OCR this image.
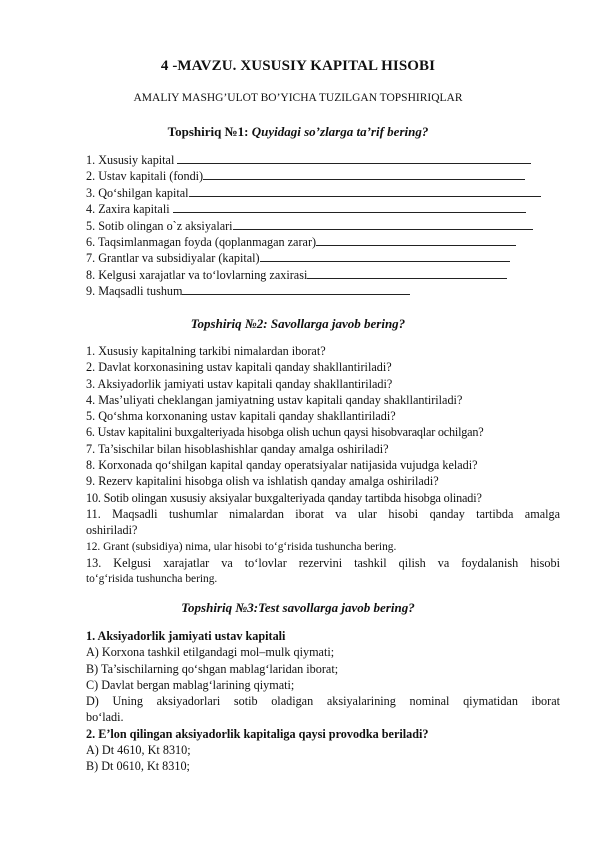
4 -MAVZU. XUSUSIY KAPITAL HISOBI
AMALIY MASHG’ULOT BO’YICHA TUZILGAN TOPSHIRIQLAR
Topshiriq №1: Quyidagi so’zlarga ta’rif bering?
1. Xususiy kapital
2. Ustav kapitali (fondi)
3. Qo‘shilgan kapital
4. Zaxira kapitali
5. Sotib olingan o`z aksiyalari
6. Taqsimlanmagan foyda (qoplanmagan zarar)
7. Grantlar va subsidiyalar (kapital)
8. Kelgusi xarajatlar va to‘lovlarning zaxirasi
9. Maqsadli tushum
Topshiriq №2: Savollarga javob bering?
1. Xususiy kapitalning tarkibi nimalardan iborat?
2. Davlat korxonasining ustav kapitali qanday shakllantiriladi?
3. Aksiyadorlik jamiyati ustav kapitali qanday shakllantiriladi?
4. Mas’uliyati cheklangan jamiyatning ustav kapitali qanday shakllantiriladi?
5. Qo‘shma korxonaning ustav kapitali qanday shakllantiriladi?
6. Ustav kapitalini buxgalteriyada hisobga olish uchun qaysi hisobvaraqlar ochilgan?
7. Ta’sischilar bilan hisoblashishlar qanday amalga oshiriladi?
8. Korxonada qo‘shilgan kapital qanday operatsiyalar natijasida vujudga keladi?
9. Rezerv kapitalini hisobga olish va ishlatish qanday amalga oshiriladi?
10. Sotib olingan xususiy aksiyalar buxgalteriyada qanday tartibda hisobga olinadi?
11. Maqsadli tushumlar nimalardan iborat va ular hisobi qanday tartibda amalga
oshiriladi?
12. Grant (subsidiya) nima, ular hisobi to‘g‘risida tushuncha bering.
13. Kelgusi xarajatlar va to‘lovlar rezervini tashkil qilish va foydalanish hisobi
to‘g‘risida tushuncha bering.
Topshiriq №3:Test savollarga javob bering?
1. Aksiyadorlik jamiyati ustav kapitali
A) Korxona tashkil etilgandagi mol–mulk qiymati;
B) Ta’sischilarning qo‘shgan mablag‘laridan iborat;
C) Davlat bergan mablag‘larining qiymati;
D) Uning aksiyadorlari sotib oladigan aksiyalarining nominal qiymatidan iborat
bo‘ladi.
2. E’lon qilingan aksiyadorlik kapitaliga qaysi provodka beriladi?
A) Dt 4610, Kt 8310;
B) Dt 0610, Kt 8310;
